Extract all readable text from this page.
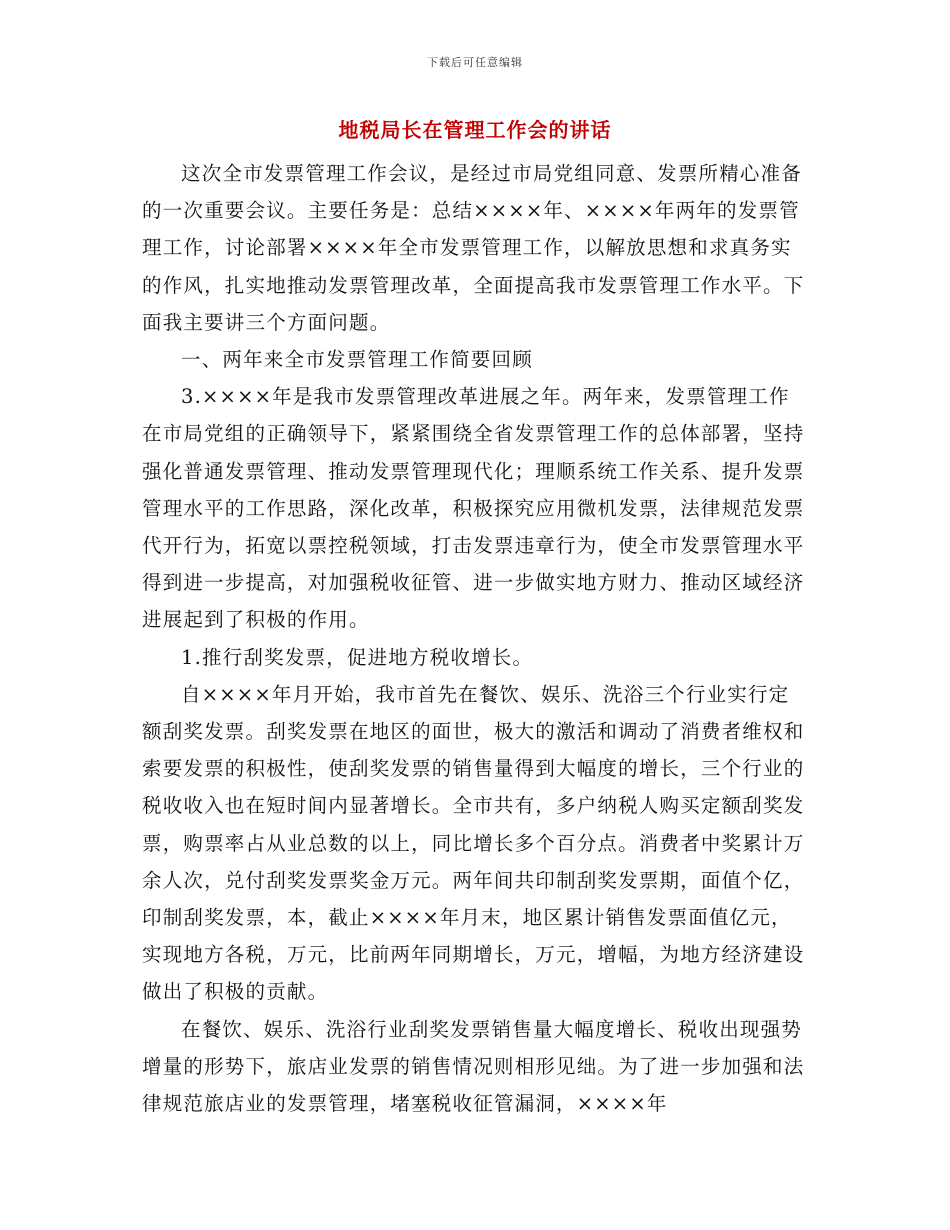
下载后可任意编辑
地税局长在管理工作会的讲话

这次全市发票管理工作会议，是经过市局党组同意、发票所精心准备的一次重要会议。主要任务是：总结××××年、××××年两年的发票管理工作，讨论部署××××年全市发票管理工作，以解放思想和求真务实的作风，扎实地推动发票管理改革，全面提高我市发票管理工作水平。下面我主要讲三个方面问题。

一、两年来全市发票管理工作简要回顾

3.××××年是我市发票管理改革进展之年。两年来，发票管理工作在市局党组的正确领导下，紧紧围绕全省发票管理工作的总体部署，坚持强化普通发票管理、推动发票管理现代化；理顺系统工作关系、提升发票管理水平的工作思路，深化改革，积极探究应用微机发票，法律规范发票代开行为，拓宽以票控税领域，打击发票违章行为，使全市发票管理水平得到进一步提高，对加强税收征管、进一步做实地方财力、推动区域经济进展起到了积极的作用。

1.推行刮奖发票，促进地方税收增长。

自××××年月开始，我市首先在餐饮、娱乐、洗浴三个行业实行定额刮奖发票。刮奖发票在地区的面世，极大的激活和调动了消费者维权和索要发票的积极性，使刮奖发票的销售量得到大幅度的增长，三个行业的税收收入也在短时间内显著增长。全市共有，多户纳税人购买定额刮奖发票，购票率占从业总数的以上，同比增长多个百分点。消费者中奖累计万余人次，兑付刮奖发票奖金万元。两年间共印制刮奖发票期，面值个亿，印制刮奖发票，本，截止××××年月末，地区累计销售发票面值亿元，实现地方各税，万元，比前两年同期增长，万元，增幅，为地方经济建设做出了积极的贡献。

在餐饮、娱乐、洗浴行业刮奖发票销售量大幅度增长、税收出现强势增量的形势下，旅店业发票的销售情况则相形见绌。为了进一步加强和法律规范旅店业的发票管理，堵塞税收征管漏洞，××××年
